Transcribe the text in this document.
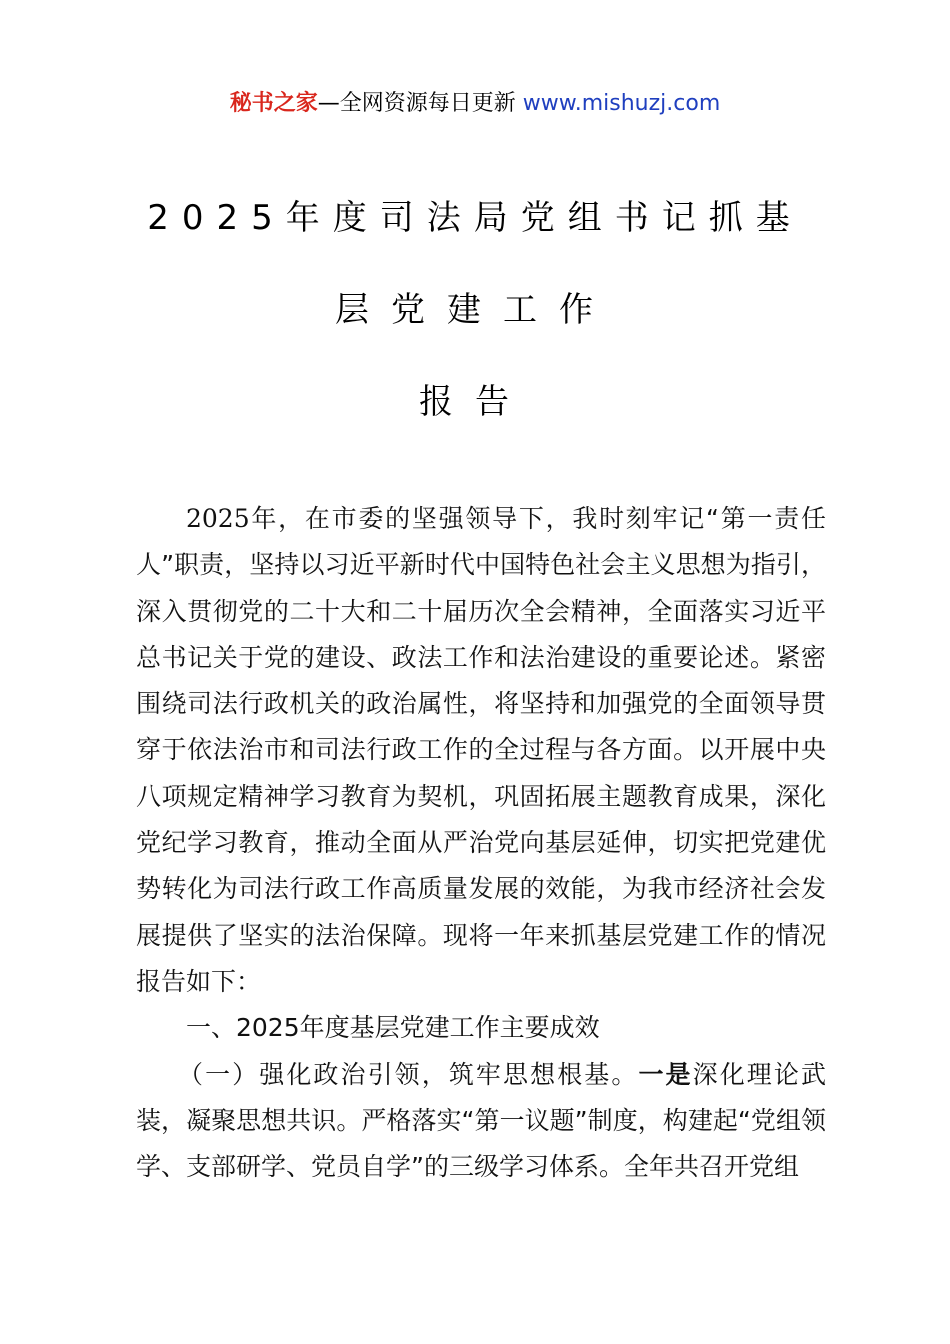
秘书之家—全网资源每日更新 www.mishuzj.com
2025年度司法局党组书记抓基
层党建工作
报告

2025年，在市委的坚强领导下，我时刻牢记“第一责任人”职责，坚持以习近平新时代中国特色社会主义思想为指引，深入贯彻党的二十大和二十届历次全会精神，全面落实习近平总书记关于党的建设、政法工作和法治建设的重要论述。紧密围绕司法行政机关的政治属性，将坚持和加强党的全面领导贯穿于依法治市和司法行政工作的全过程与各方面。以开展中央八项规定精神学习教育为契机，巩固拓展主题教育成果，深化党纪学习教育，推动全面从严治党向基层延伸，切实把党建优势转化为司法行政工作高质量发展的效能，为我市经济社会发展提供了坚实的法治保障。现将一年来抓基层党建工作的情况报告如下：

一、2025年度基层党建工作主要成效

（一）强化政治引领，筑牢思想根基。一是深化理论武装，凝聚思想共识。严格落实“第一议题”制度，构建起“党组领学、支部研学、党员自学”的三级学习体系。全年共召开党组
